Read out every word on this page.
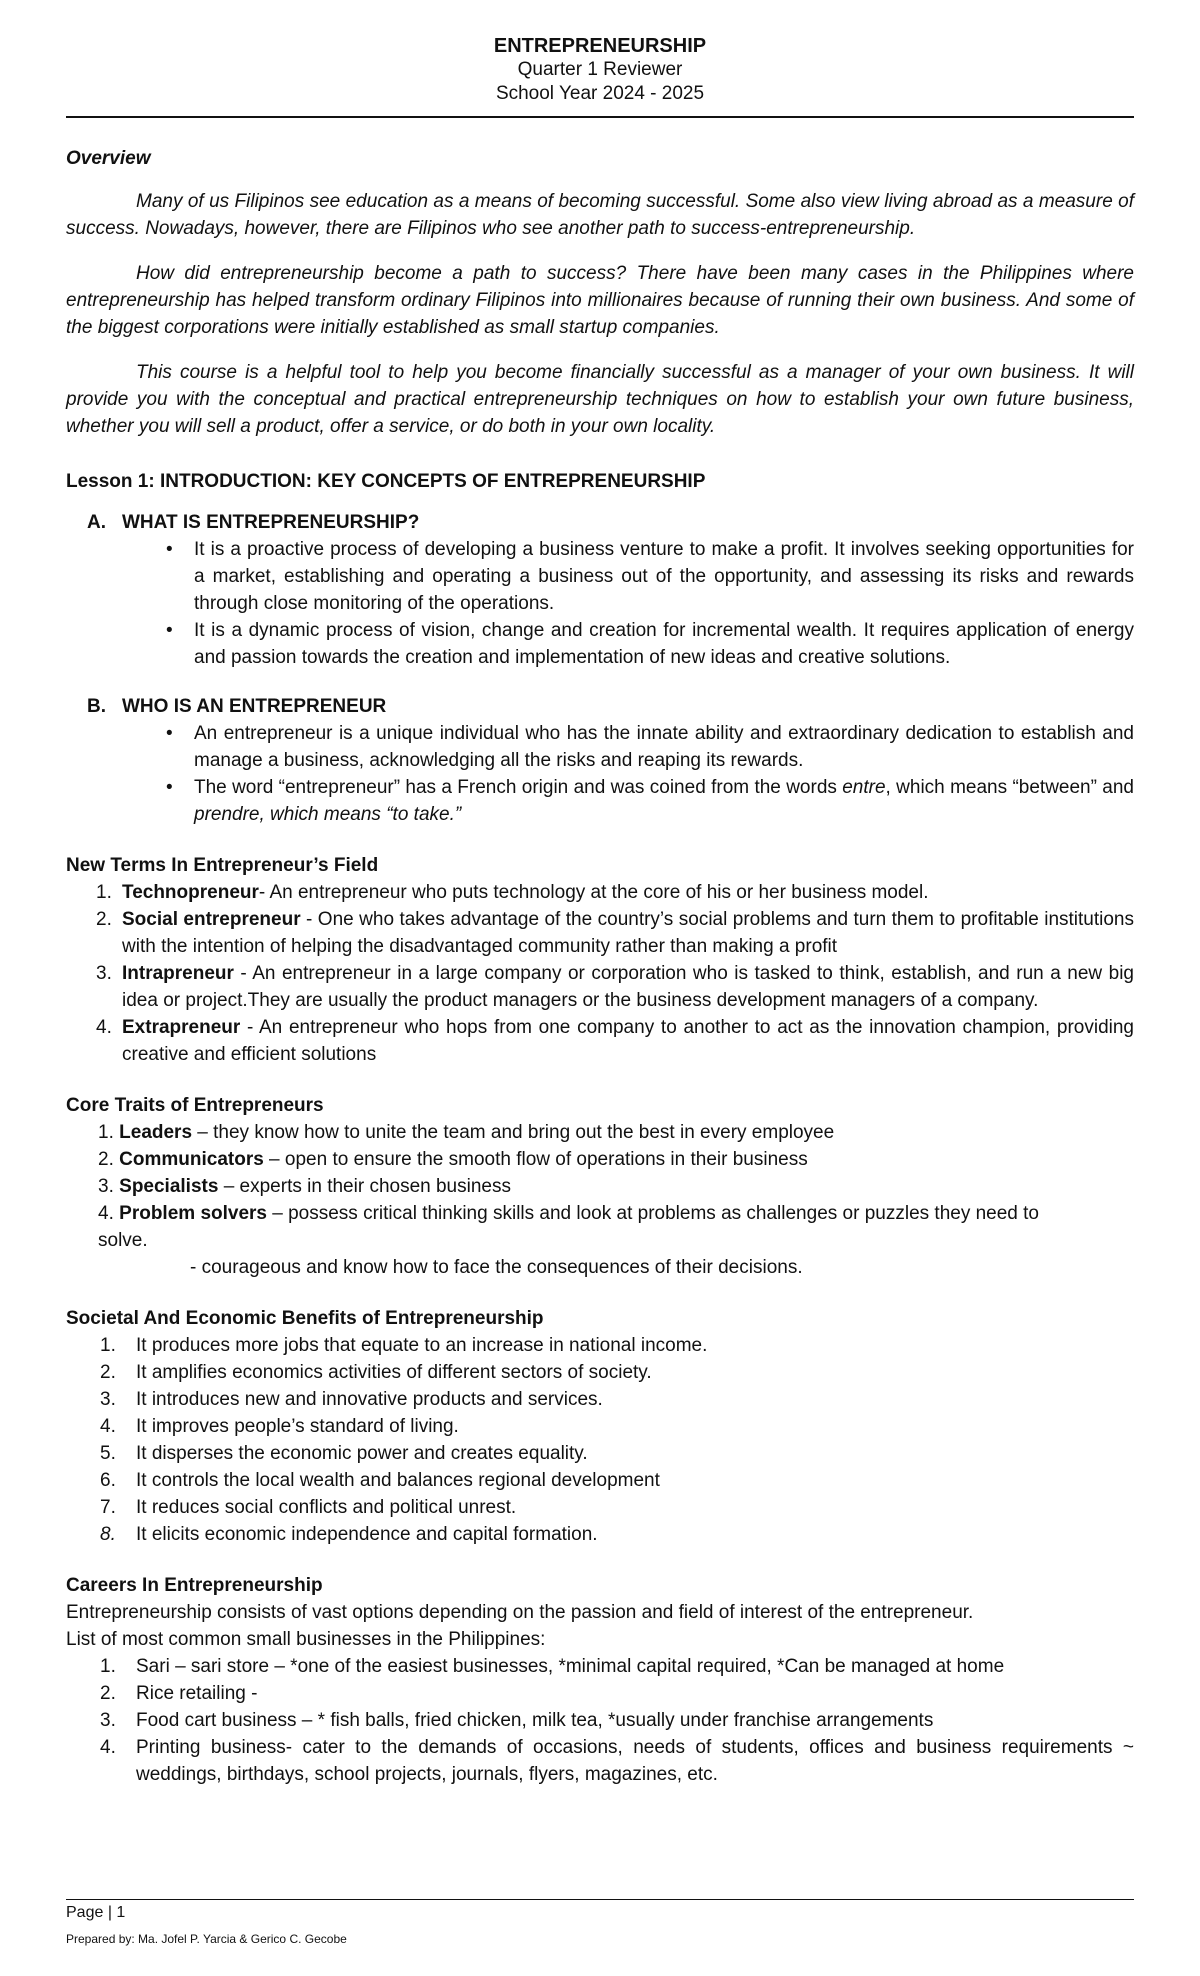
ENTREPRENEURSHIP
Quarter 1 Reviewer
School Year 2024 - 2025
Overview

Many of us Filipinos see education as a means of becoming successful. Some also view living abroad as a measure of success. Nowadays, however, there are Filipinos who see another path to success-entrepreneurship.

How did entrepreneurship become a path to success? There have been many cases in the Philippines where entrepreneurship has helped transform ordinary Filipinos into millionaires because of running their own business. And some of the biggest corporations were initially established as small startup companies.

This course is a helpful tool to help you become financially successful as a manager of your own business. It will provide you with the conceptual and practical entrepreneurship techniques on how to establish your own future business, whether you will sell a product, offer a service, or do both in your own locality.

Lesson 1: INTRODUCTION: KEY CONCEPTS OF ENTREPRENEURSHIP
A. WHAT IS ENTREPRENEURSHIP?
• It is a proactive process of developing a business venture to make a profit. It involves seeking opportunities for a market, establishing and operating a business out of the opportunity, and assessing its risks and rewards through close monitoring of the operations.
• It is a dynamic process of vision, change and creation for incremental wealth. It requires application of energy and passion towards the creation and implementation of new ideas and creative solutions.
B. WHO IS AN ENTREPRENEUR
• An entrepreneur is a unique individual who has the innate ability and extraordinary dedication to establish and manage a business, acknowledging all the risks and reaping its rewards.
• The word “entrepreneur” has a French origin and was coined from the words entre, which means “between” and prendre, which means “to take.”
New Terms In Entrepreneur’s Field
1. Technopreneur- An entrepreneur who puts technology at the core of his or her business model.
2. Social entrepreneur - One who takes advantage of the country’s social problems and turn them to profitable institutions with the intention of helping the disadvantaged community rather than making a profit
3. Intrapreneur - An entrepreneur in a large company or corporation who is tasked to think, establish, and run a new big idea or project.They are usually the product managers or the business development managers of a company.
4. Extrapreneur - An entrepreneur who hops from one company to another to act as the innovation champion, providing creative and efficient solutions
Core Traits of Entrepreneurs
1. Leaders – they know how to unite the team and bring out the best in every employee
2. Communicators – open to ensure the smooth flow of operations in their business
3. Specialists – experts in their chosen business
4. Problem solvers – possess critical thinking skills and look at problems as challenges or puzzles they need to
solve.
- courageous and know how to face the consequences of their decisions.
Societal And Economic Benefits of Entrepreneurship
1. It produces more jobs that equate to an increase in national income.
2. It amplifies economics activities of different sectors of society.
3. It introduces new and innovative products and services.
4. It improves people’s standard of living.
5. It disperses the economic power and creates equality.
6. It controls the local wealth and balances regional development
7. It reduces social conflicts and political unrest.
8. It elicits economic independence and capital formation.
Careers In Entrepreneurship
Entrepreneurship consists of vast options depending on the passion and field of interest of the entrepreneur.
List of most common small businesses in the Philippines:
1. Sari – sari store – *one of the easiest businesses, *minimal capital required, *Can be managed at home
2. Rice retailing -
3. Food cart business – * fish balls, fried chicken, milk tea, *usually under franchise arrangements
4. Printing business- cater to the demands of occasions, needs of students, offices and business requirements ~ weddings, birthdays, school projects, journals, flyers, magazines, etc.
Page | 1
Prepared by: Ma. Jofel P. Yarcia & Gerico C. Gecobe
